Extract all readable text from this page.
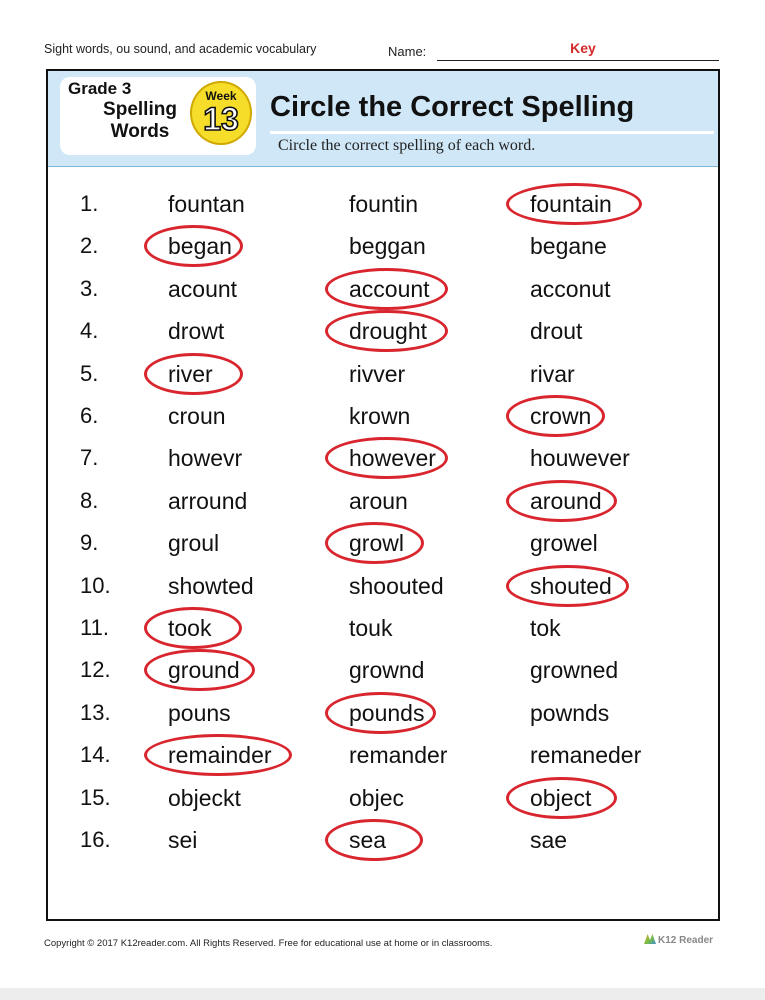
Sight words, ou sound, and academic vocabulary	Name:	Key
Grade 3
Spelling Words
Week
13	Circle the Correct Spelling
Circle the correct spelling of each word.
1.	fountan	fountin	fountain
2.	began	beggan	begane
3.	acount	account	acconut
4.	drowt	drought	drout
5.	river	rivver	rivar
6.	croun	krown	crown
7.	howevr	however	houwever
8.	arround	aroun	around
9.	groul	growl	growel
10. showted	shoouted	shouted
11.	took	touk	tok
12. ground	grownd	growned
13. pouns	pounds	pownds
14. remainder	remander	remaneder
15. objeckt	objec	object
16. sei	sea	sae
Copyright © 2017 K12reader.com. All Rights Reserved. Free for educational use at home or in classrooms.	K12 Reader
